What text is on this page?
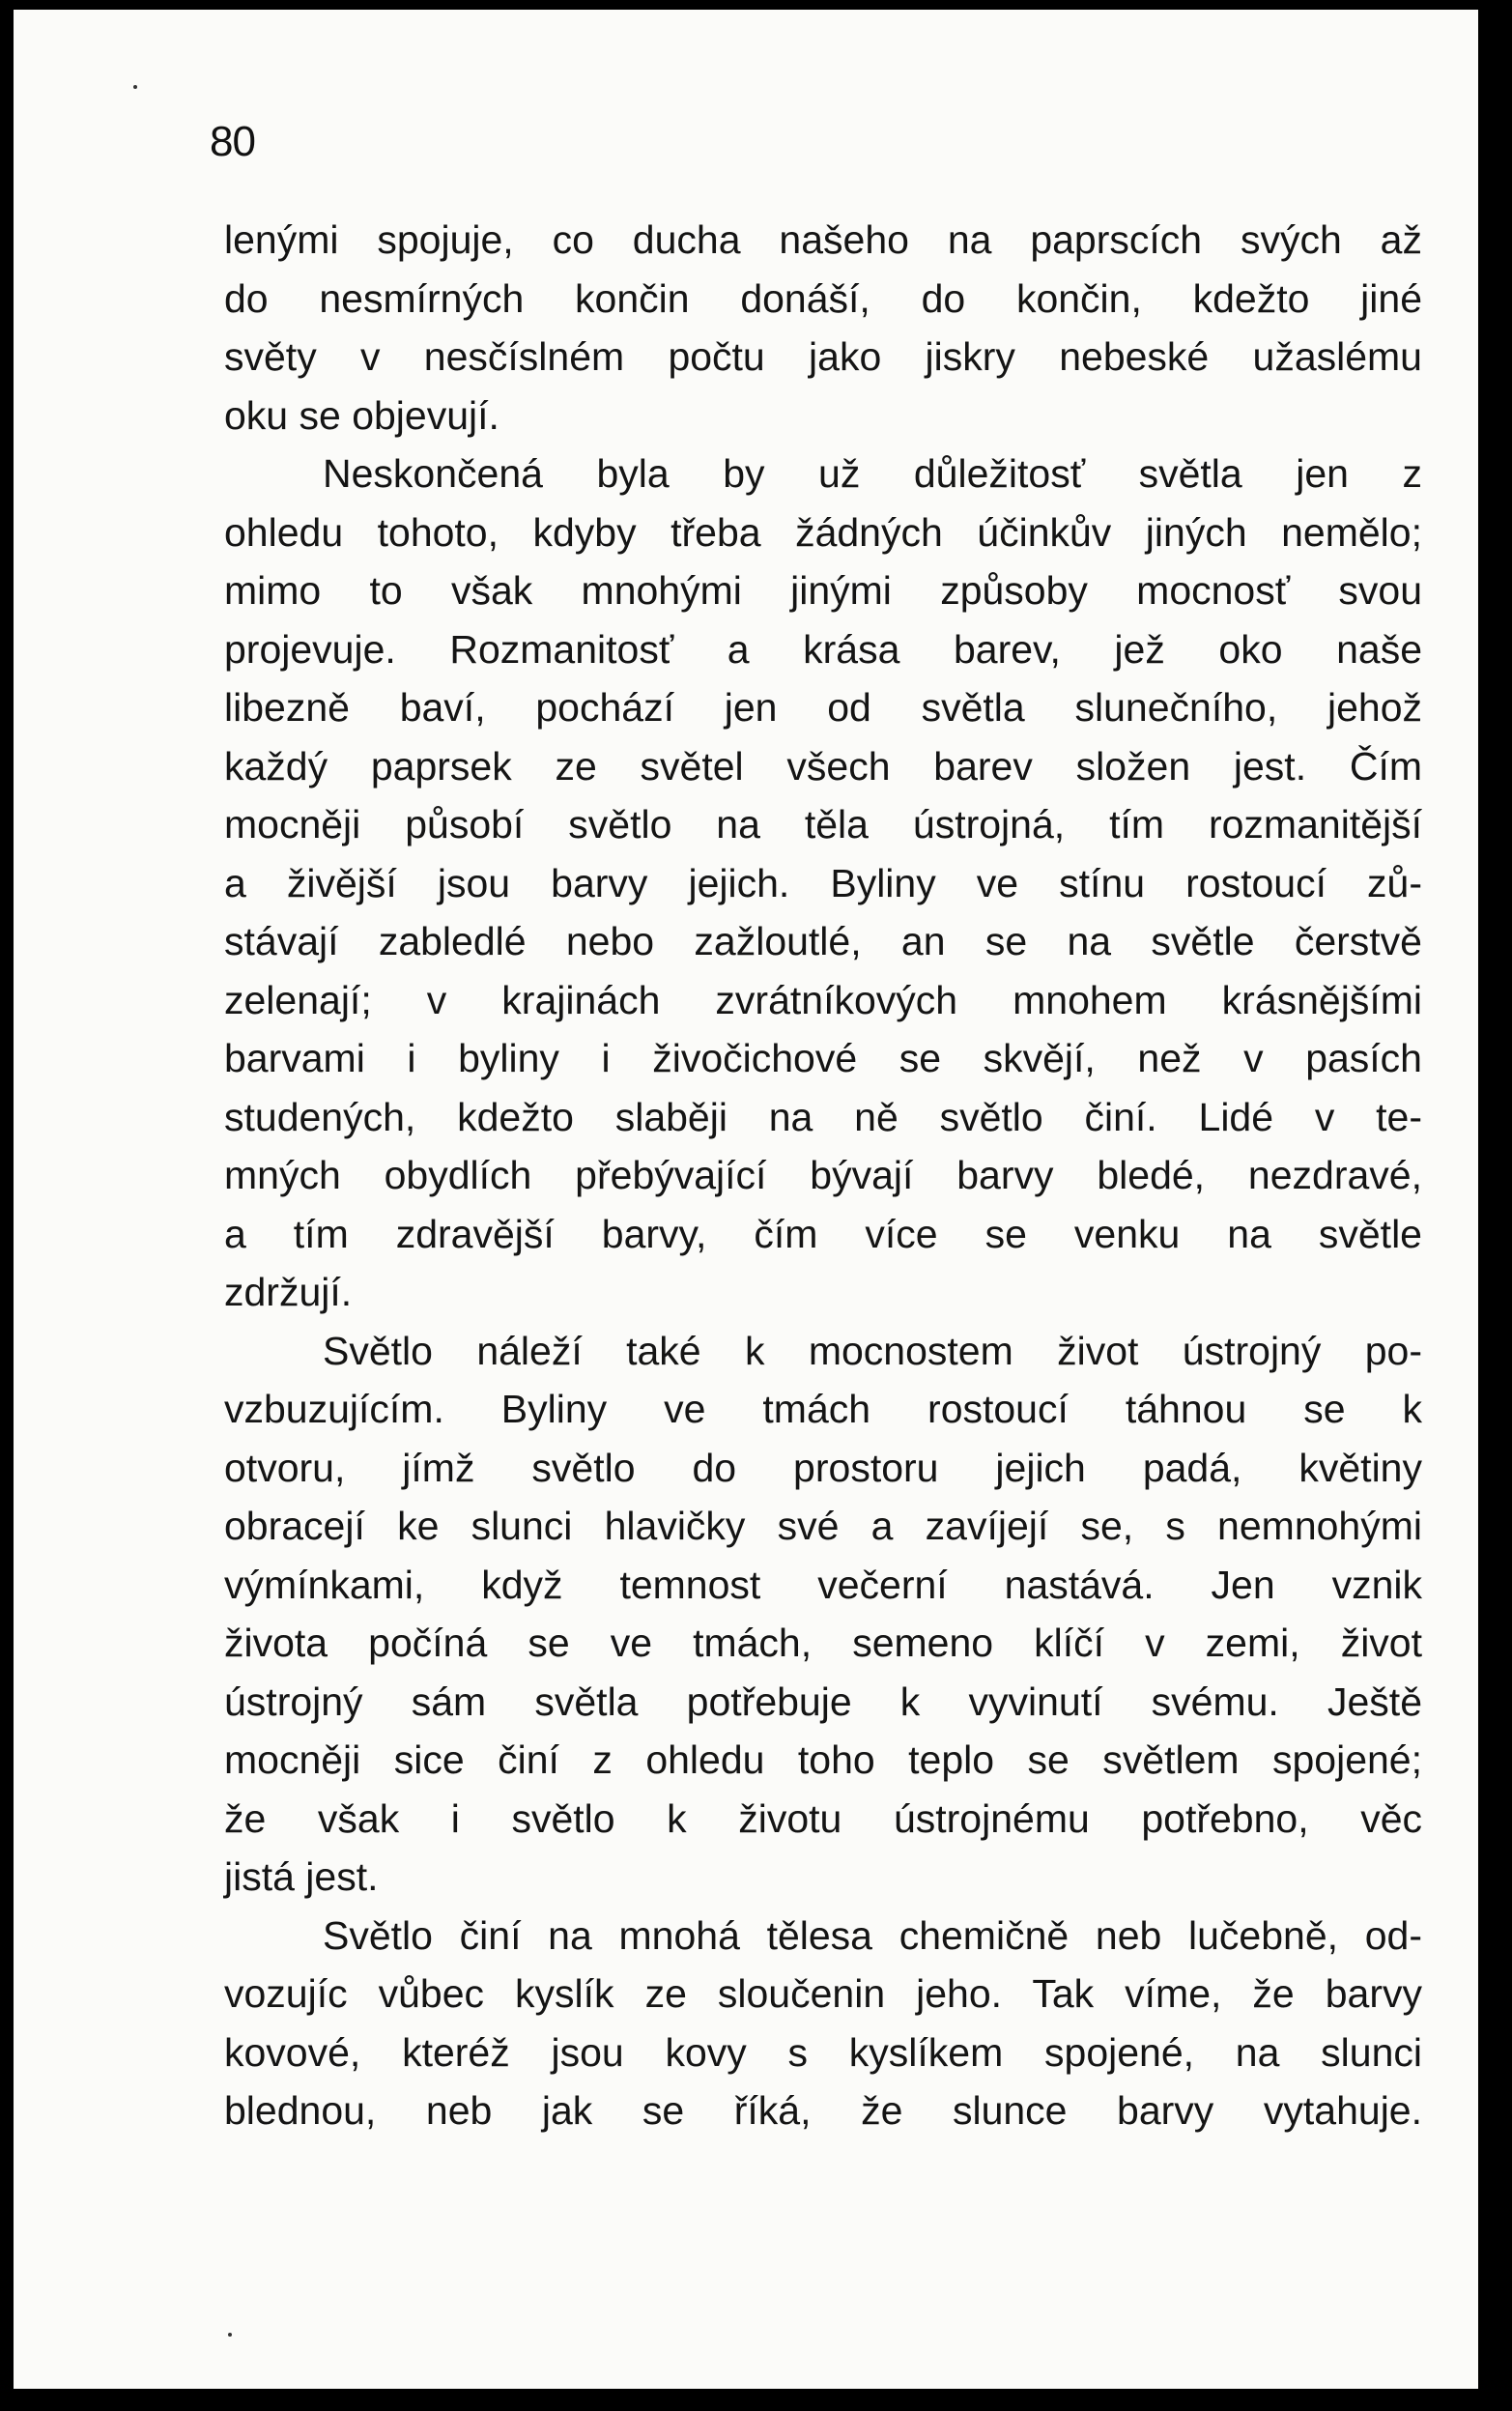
80
lenými spojuje, co ducha našeho na paprscích svých až
do nesmírných končin donáší, do končin, kdežto jiné
světy v nesčíslném počtu jako jiskry nebeské užaslému
oku se objevují.
Neskončená byla by už důležitosť světla jen z
ohledu tohoto, kdyby třeba žádných účinkův jiných nemělo;
mimo to však mnohými jinými způsoby mocnosť svou
projevuje. Rozmanitosť a krása barev, jež oko naše
libezně baví, pochází jen od světla slunečního, jehož
každý paprsek ze světel všech barev složen jest. Čím
mocněji působí světlo na těla ústrojná, tím rozmanitější
a živější jsou barvy jejich. Byliny ve stínu rostoucí zů-
stávají zabledlé nebo zažloutlé, an se na světle čerstvě
zelenají; v krajinách zvrátníkových mnohem krásnějšími
barvami i byliny i živočichové se skvějí, než v pasích
studených, kdežto slaběji na ně světlo činí. Lidé v te-
mných obydlích přebývající bývají barvy bledé, nezdravé,
a tím zdravější barvy, čím více se venku na světle
zdržují.
Světlo náleží také k mocnostem život ústrojný po-
vzbuzujícím. Byliny ve tmách rostoucí táhnou se k
otvoru, jímž světlo do prostoru jejich padá, květiny
obracejí ke slunci hlavičky své a zavíjejí se, s nemnohými
výmínkami, když temnost večerní nastává. Jen vznik
života počíná se ve tmách, semeno klíčí v zemi, život
ústrojný sám světla potřebuje k vyvinutí svému. Ještě
mocněji sice činí z ohledu toho teplo se světlem spojené;
že však i světlo k životu ústrojnému potřebno, věc
jistá jest.
Světlo činí na mnohá tělesa chemičně neb lučebně, od-
vozujíc vůbec kyslík ze sloučenin jeho. Tak víme, že barvy
kovové, kteréž jsou kovy s kyslíkem spojené, na slunci
blednou, neb jak se říká, že slunce barvy vytahuje.
